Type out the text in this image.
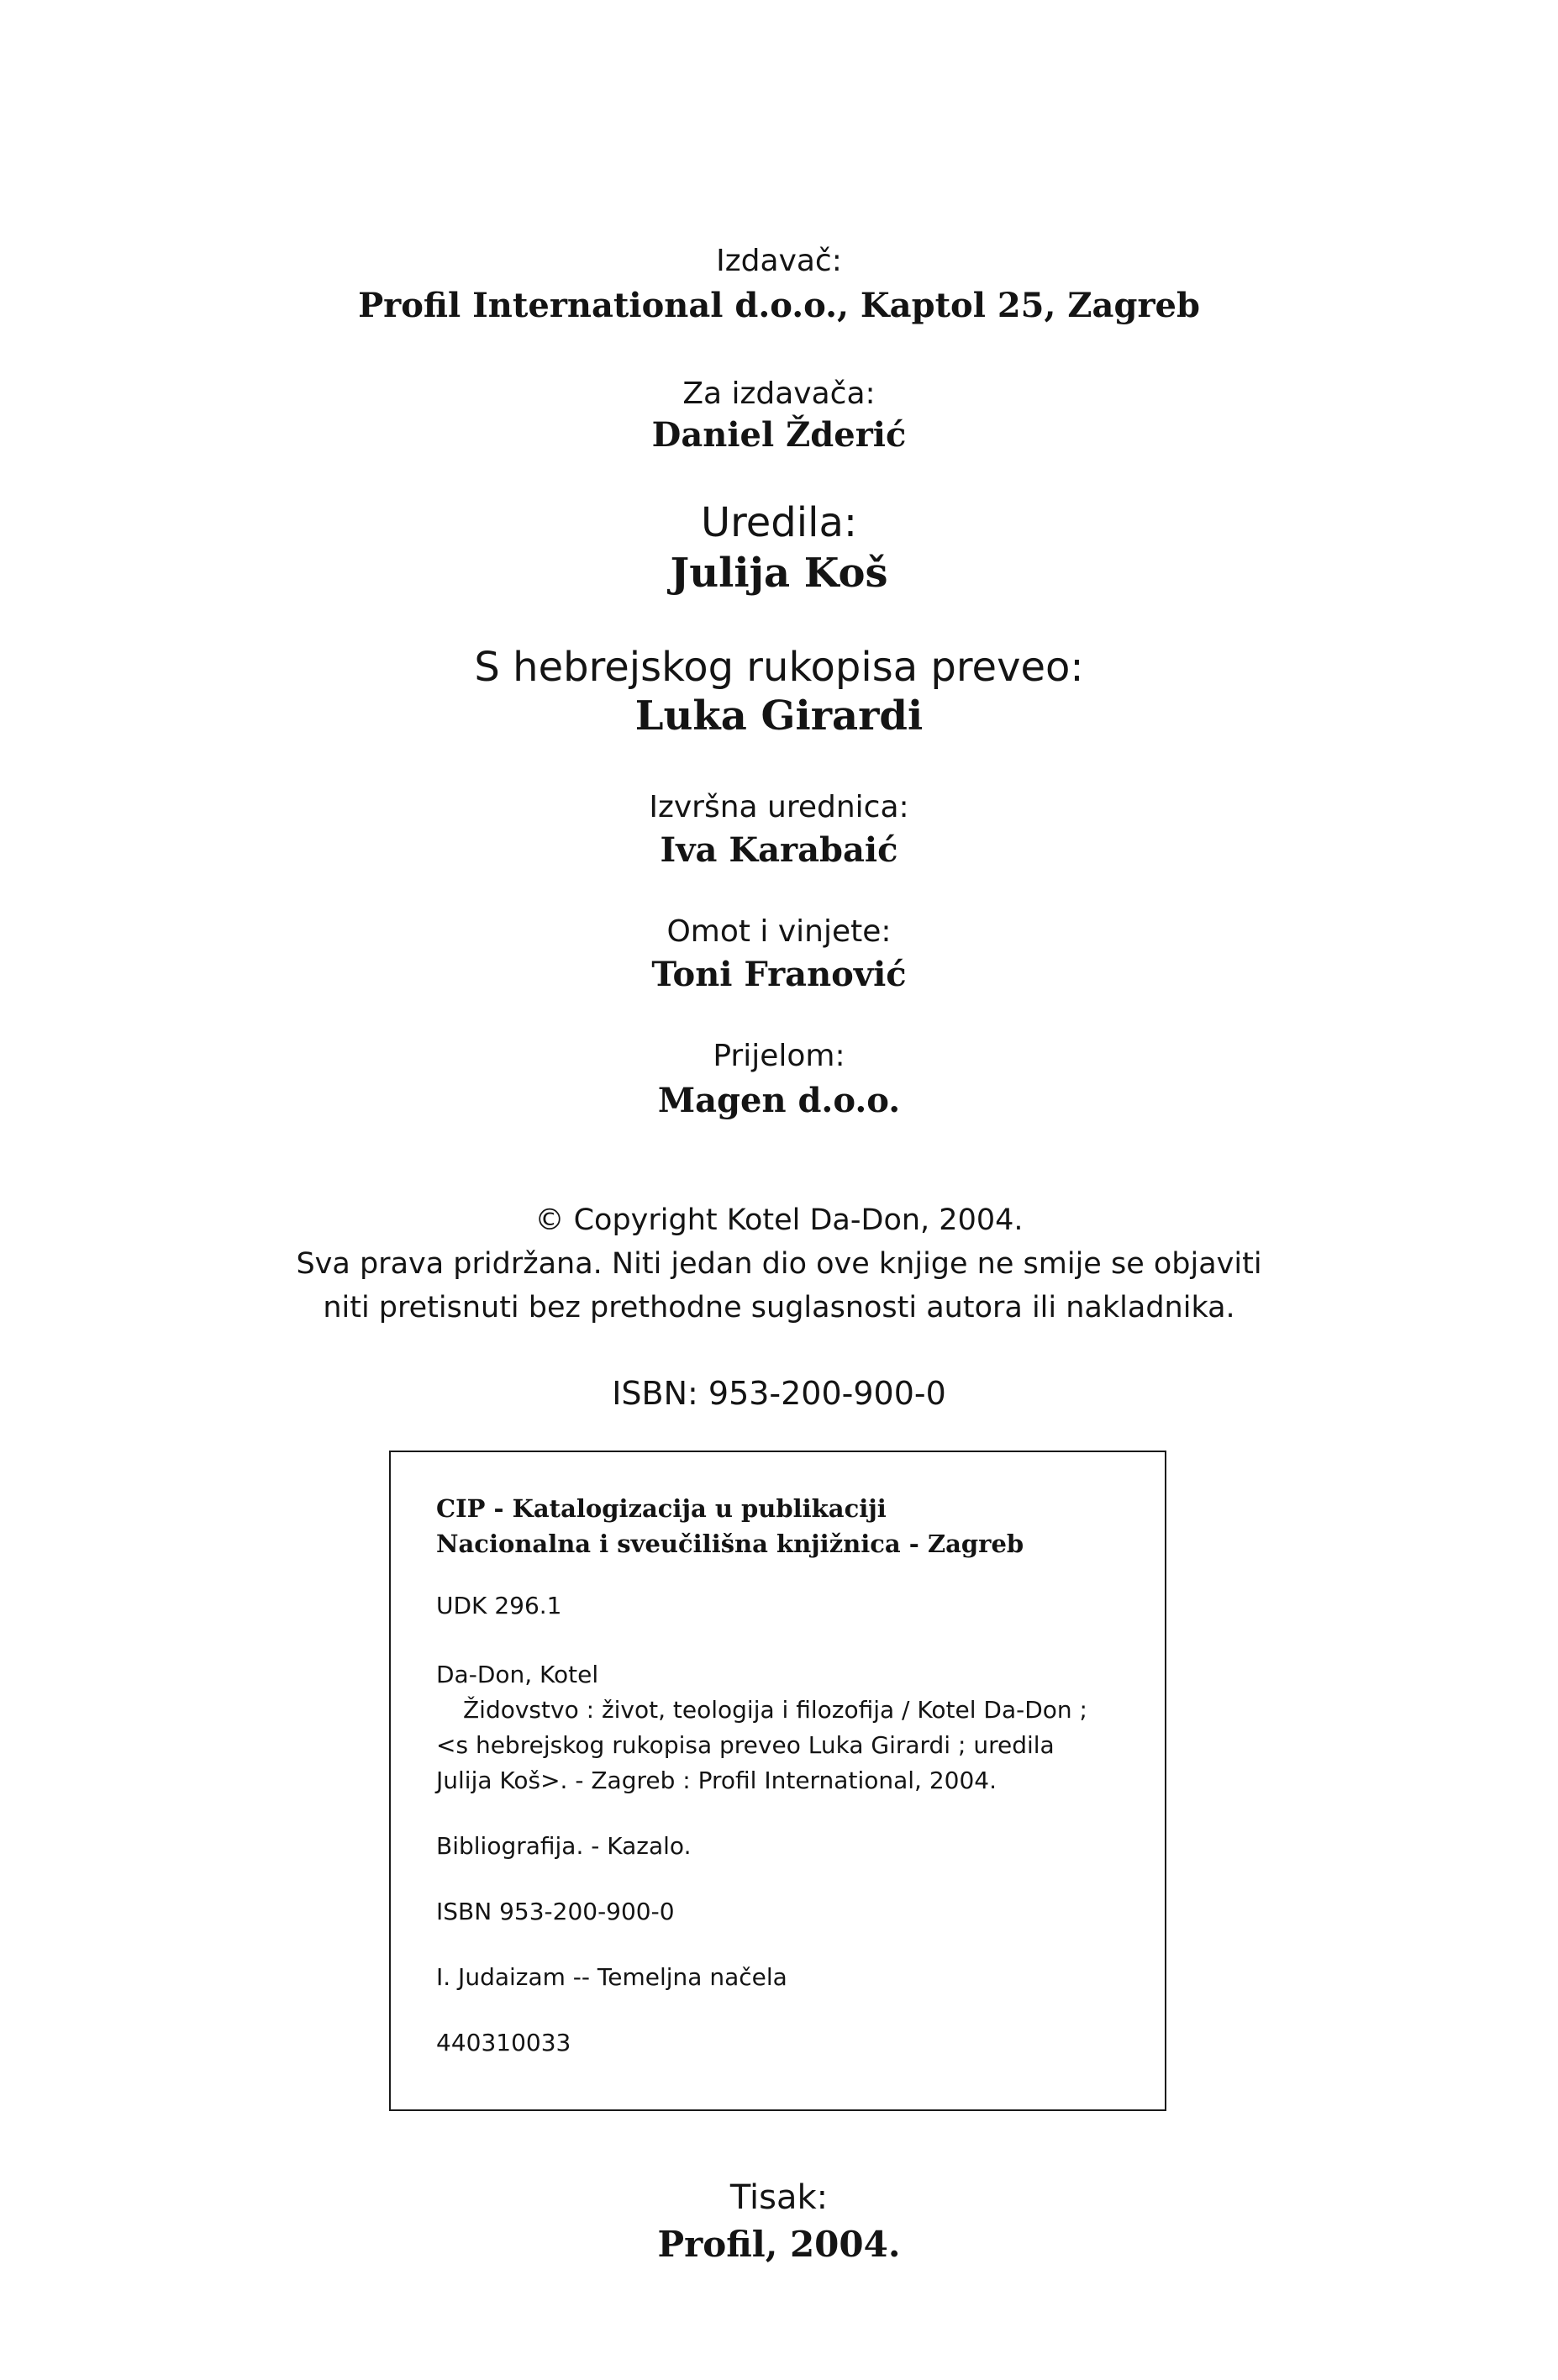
Izdavač:
Profil International d.o.o., Kaptol 25, Zagreb
Za izdavača:
Daniel Žderić
Uredila:
Julija Koš
S hebrejskog rukopisa preveo:
Luka Girardi
Izvršna urednica:
Iva Karabaić
Omot i vinjete:
Toni Franović
Prijelom:
Magen d.o.o.
© Copyright Kotel Da-Don, 2004.
Sva prava pridržana. Niti jedan dio ove knjige ne smije se objaviti
niti pretisnuti bez prethodne suglasnosti autora ili nakladnika.
ISBN: 953-200-900-0
CIP - Katalogizacija u publikaciji
Nacionalna i sveučilišna knjižnica - Zagreb
UDK 296.1
Da-Don, Kotel
Židovstvo : život, teologija i filozofija / Kotel Da-Don ;
<s hebrejskog rukopisa preveo Luka Girardi ; uredila
Julija Koš>. - Zagreb : Profil International, 2004.
Bibliografija. - Kazalo.
ISBN 953-200-900-0
I. Judaizam -- Temeljna načela
440310033
Tisak:
Profil, 2004.
